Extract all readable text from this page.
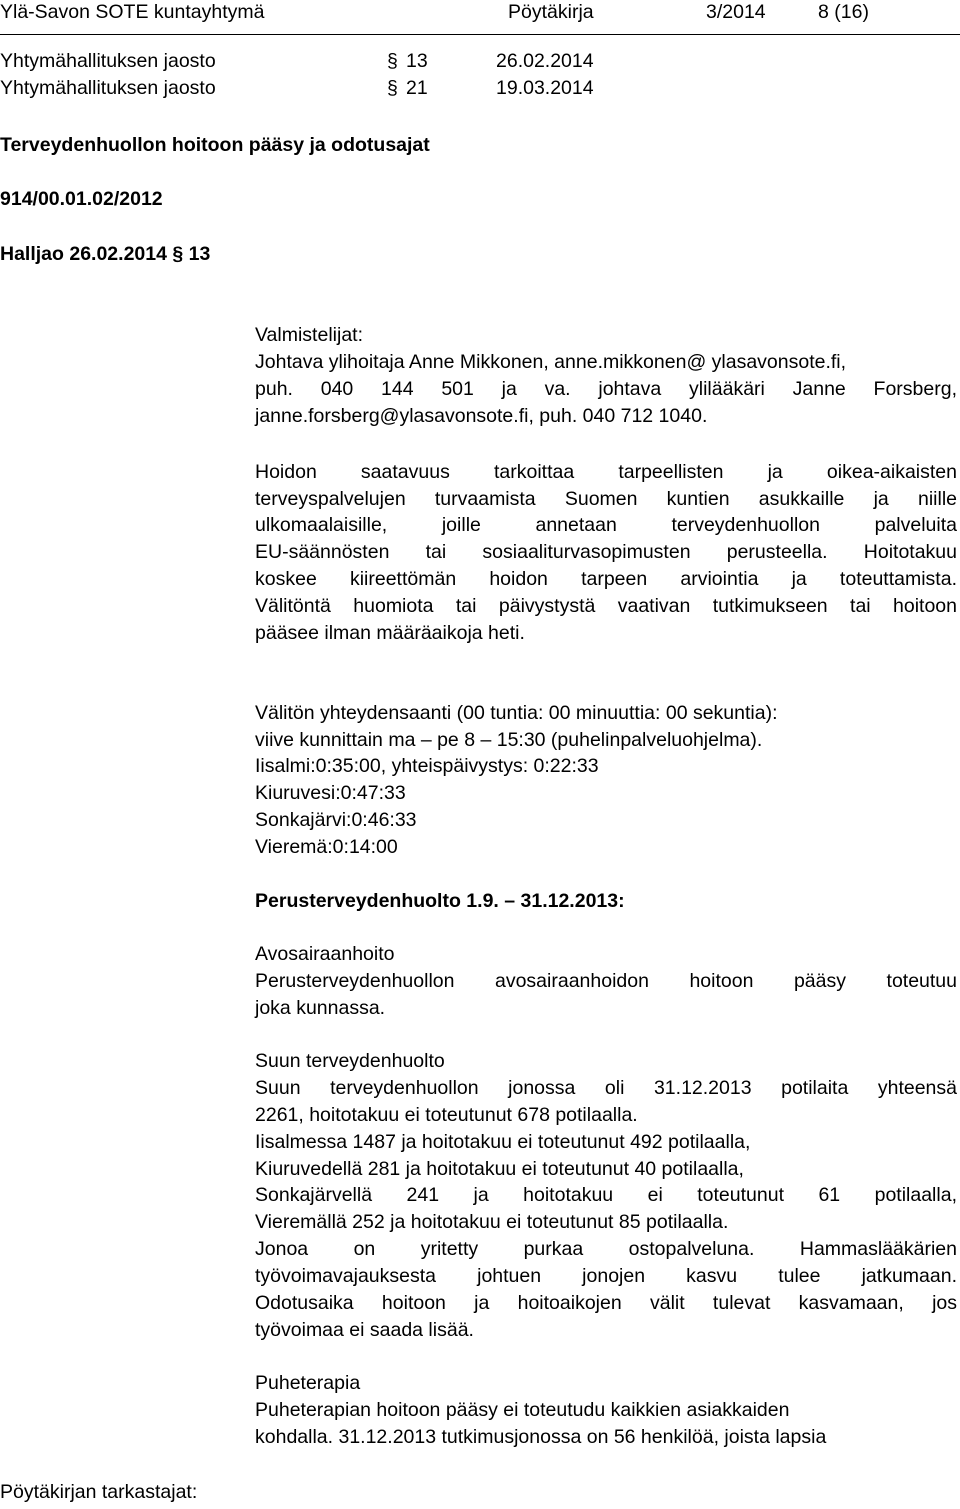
Ylä-Savon SOTE kuntayhtymä	Pöytäkirja	3/2014	8 (16)
Yhtymähallituksen jaosto	§ 13	26.02.2014
Yhtymähallituksen jaosto	§ 21	19.03.2014
Terveydenhuollon hoitoon pääsy ja odotusajat
914/00.01.02/2012
Halljao 26.02.2014 § 13
Valmistelijat:
Johtava ylihoitaja Anne Mikkonen, anne.mikkonen@ ylasavonsote.fi,
puh. 040 144 501 ja va. johtava ylilääkäri Janne Forsberg,
janne.forsberg@ylasavonsote.fi, puh. 040 712 1040.
Hoidon saatavuus tarkoittaa tarpeellisten ja oikea-aikaisten
terveyspalvelujen turvaamista Suomen kuntien asukkaille ja niille
ulkomaalaisille, joille annetaan terveydenhuollon palveluita
EU-säännösten tai sosiaaliturvasopimusten perusteella. Hoitotakuu
koskee kiireettömän hoidon tarpeen arviointia ja toteuttamista.
Välitöntä huomiota tai päivystystä vaativan tutkimukseen tai hoitoon
pääsee ilman määräaikoja heti.
Välitön yhteydensaanti (00 tuntia: 00 minuuttia: 00 sekuntia):
viive kunnittain ma – pe 8 – 15:30 (puhelinpalveluohjelma).
Iisalmi:0:35:00, yhteispäivystys: 0:22:33
Kiuruvesi:0:47:33
Sonkajärvi:0:46:33
Vieremä:0:14:00
Perusterveydenhuolto 1.9. – 31.12.2013:
Avosairaanhoito
Perusterveydenhuollon avosairaanhoidon hoitoon pääsy toteutuu
joka kunnassa.
Suun terveydenhuolto
Suun terveydenhuollon jonossa oli 31.12.2013 potilaita yhteensä
2261, hoitotakuu ei toteutunut 678 potilaalla.
Iisalmessa 1487 ja hoitotakuu ei toteutunut 492 potilaalla,
Kiuruvedellä 281 ja hoitotakuu ei toteutunut 40 potilaalla,
Sonkajärvellä 241 ja hoitotakuu ei toteutunut 61 potilaalla,
Vieremällä 252 ja hoitotakuu ei toteutunut 85 potilaalla.
Jonoa on yritetty purkaa ostopalveluna. Hammaslääkärien
työvoimavajauksesta johtuen jonojen kasvu tulee jatkumaan.
Odotusaika hoitoon ja hoitoaikojen välit tulevat kasvamaan, jos
työvoimaa ei saada lisää.
Puheterapia
Puheterapian hoitoon pääsy ei toteutudu kaikkien asiakkaiden
kohdalla. 31.12.2013 tutkimusjonossa on 56 henkilöä, joista lapsia
Pöytäkirjan tarkastajat:
